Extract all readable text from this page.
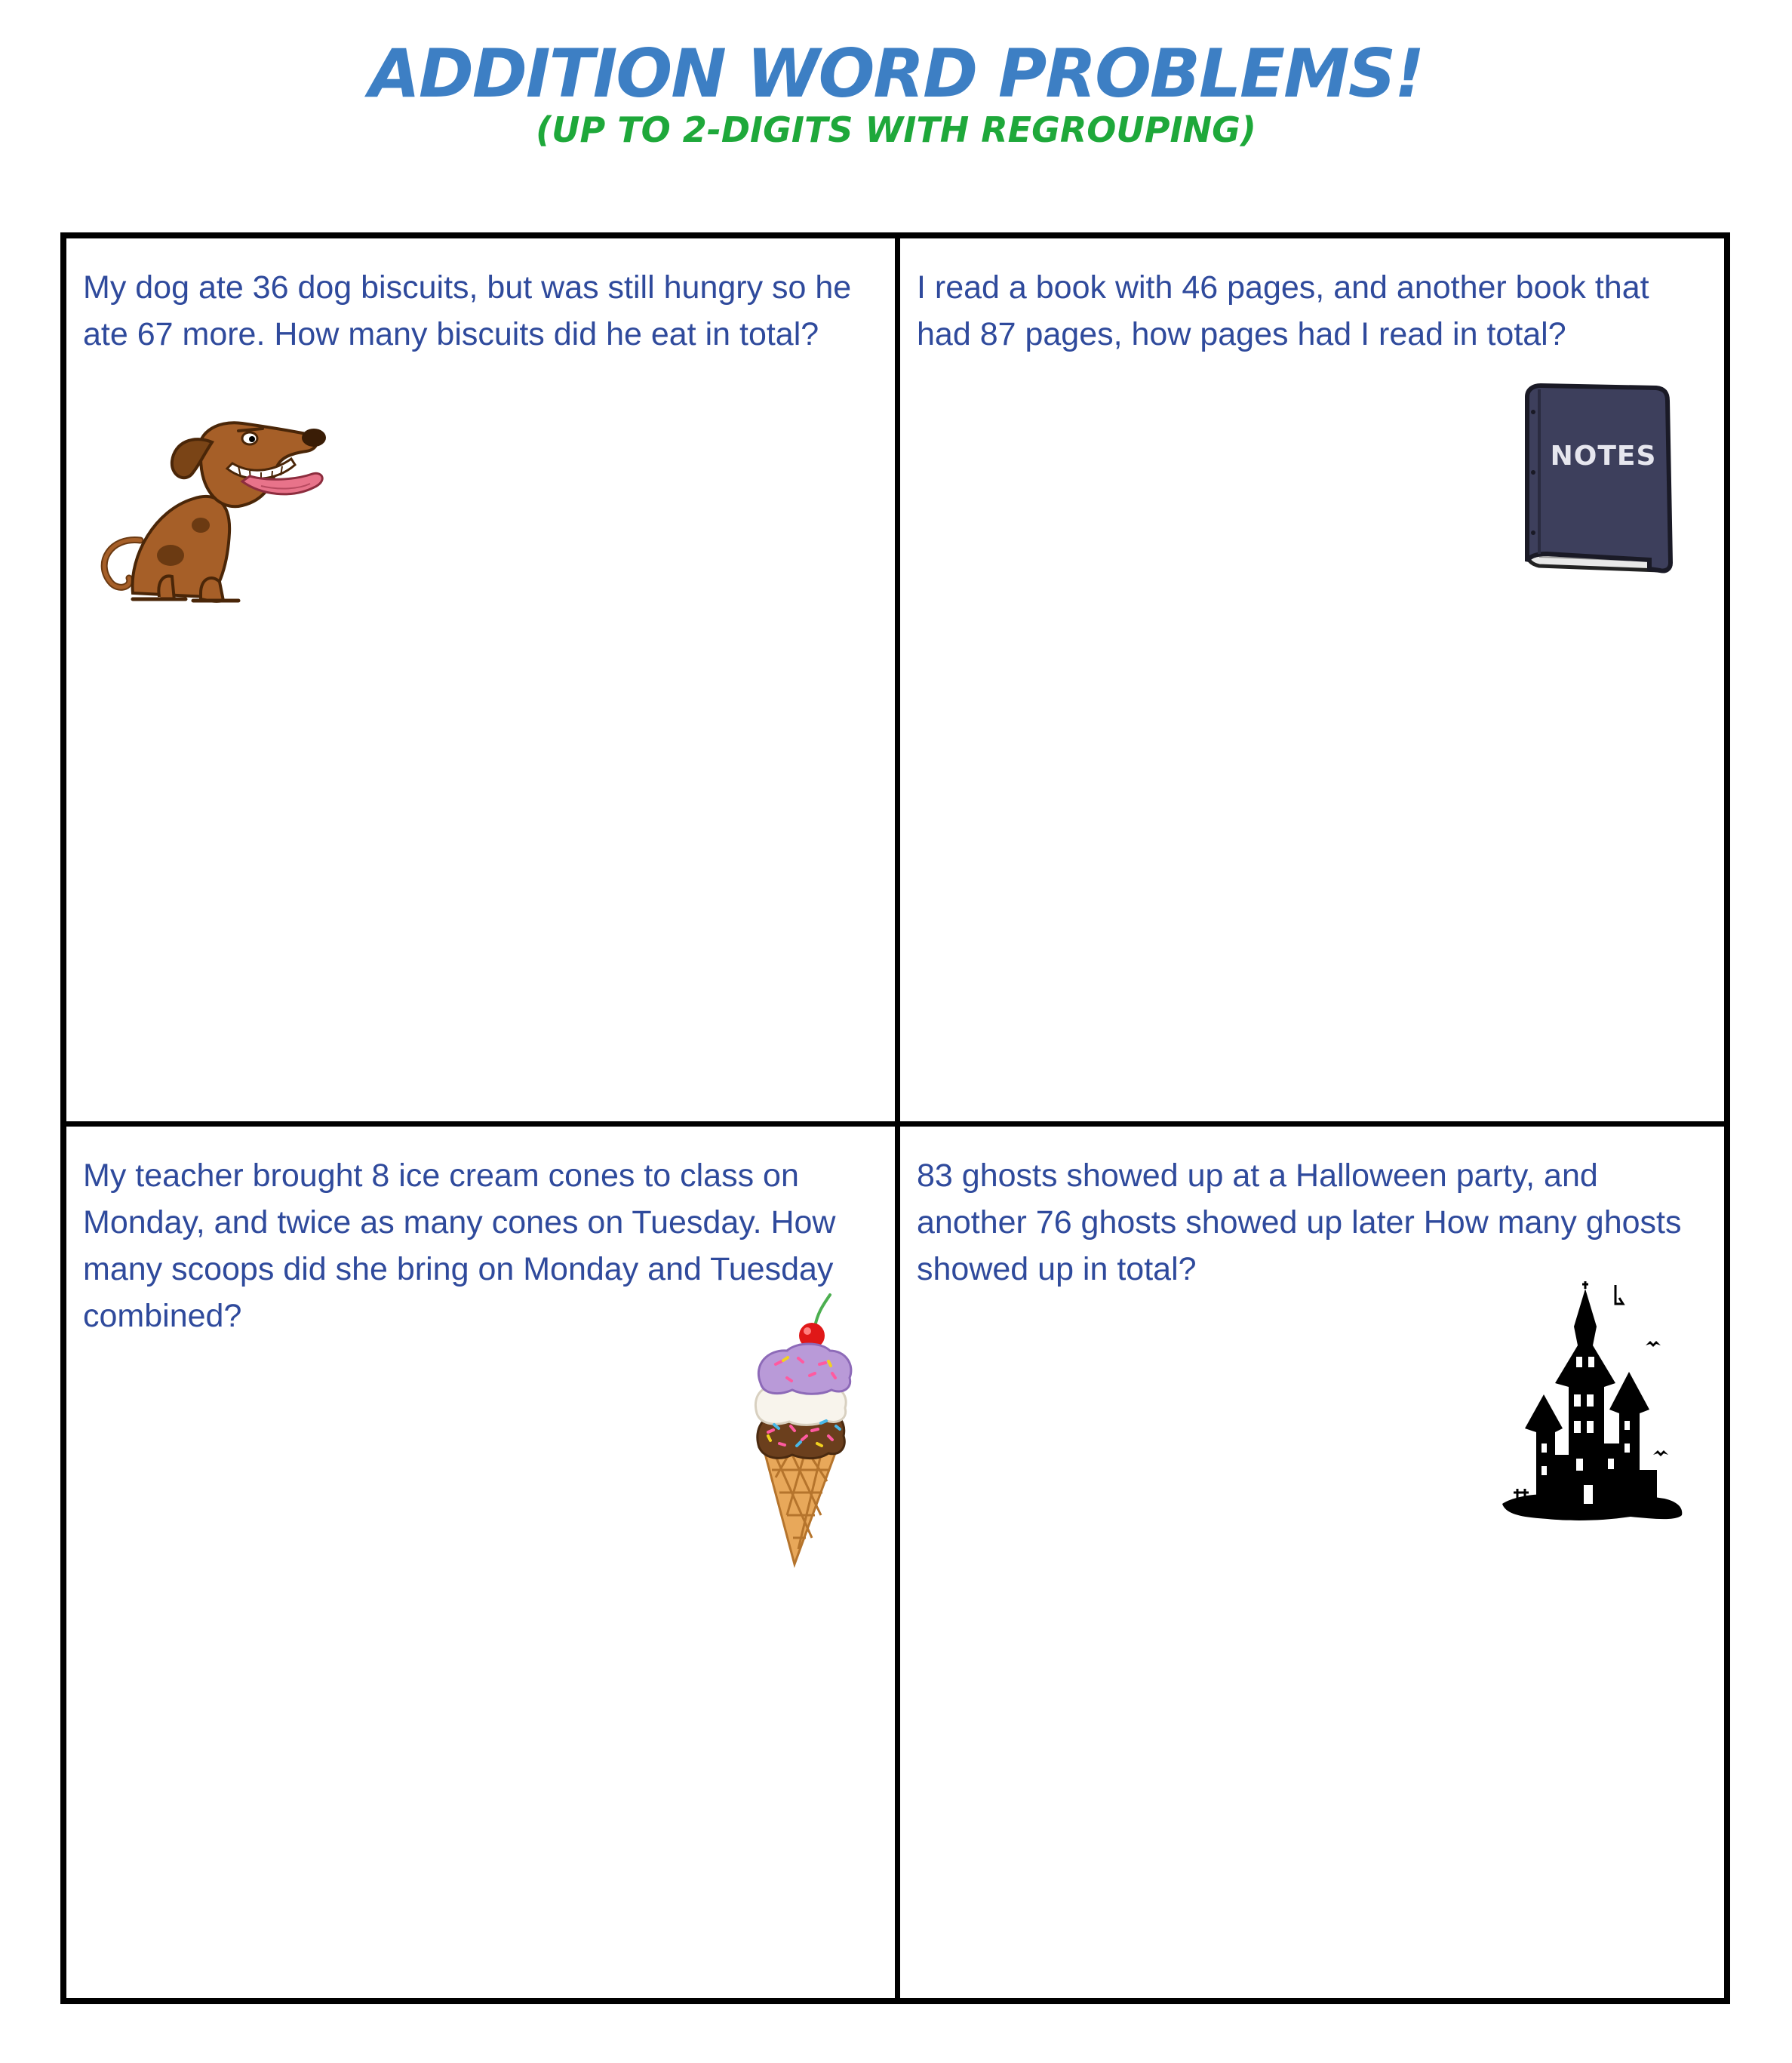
ADDITION WORD PROBLEMS!
(UP TO 2-DIGITS WITH REGROUPING)
My dog ate 36 dog biscuits, but was still hungry so he ate 67 more. How many biscuits did he eat in total?
I read a book with 46 pages, and another book that had 87 pages, how pages had I read in total?
NOTES
My teacher brought 8 ice cream cones to class on Monday, and twice as many cones on Tuesday. How many scoops did she bring on Monday and Tuesday combined?
83 ghosts showed up at a Halloween party, and another 76 ghosts showed up later How many ghosts showed up in total?
